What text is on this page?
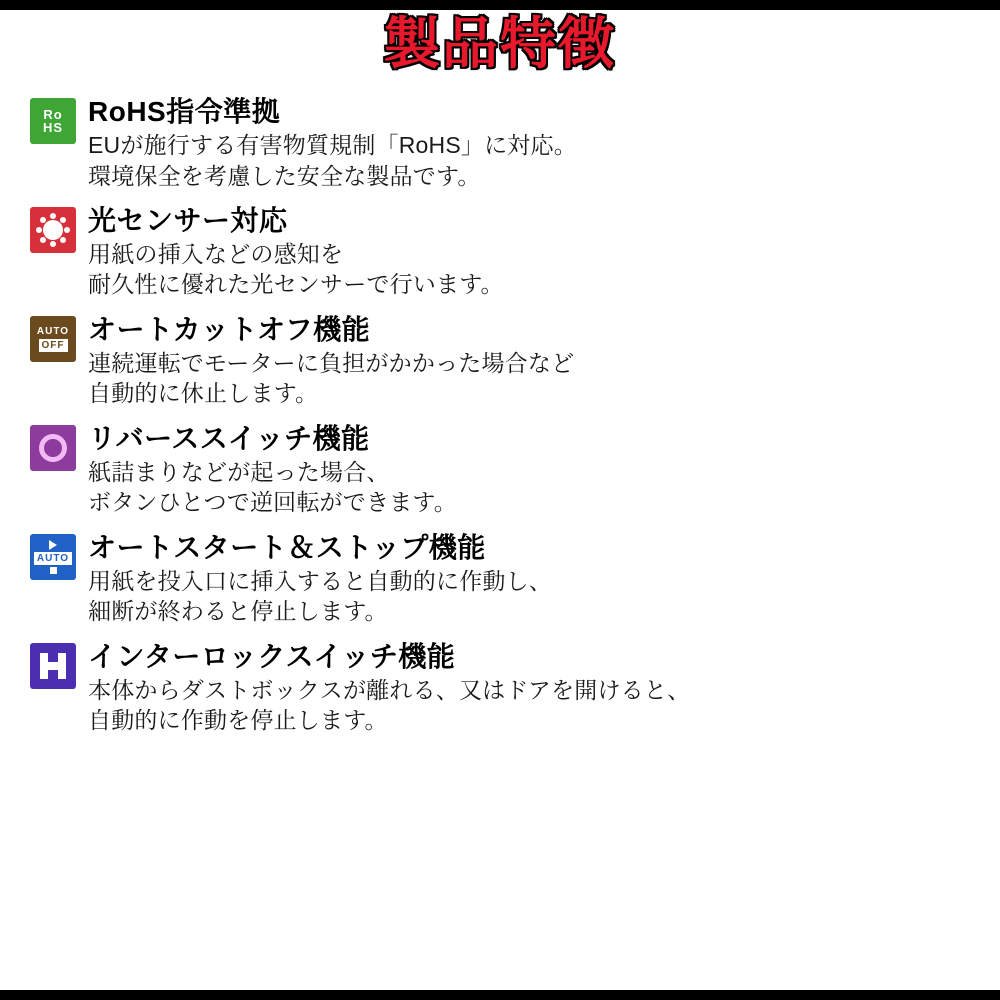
製品特徴
Ro
HS
RoHS指令準拠
EUが施行する有害物質規制「RoHS」に対応。
環境保全を考慮した安全な製品です。
光センサー対応
用紙の挿入などの感知を
耐久性に優れた光センサーで行います。
AUTO
OFF
オートカットオフ機能
連続運転でモーターに負担がかかった場合など
自動的に休止します。
リバーススイッチ機能
紙詰まりなどが起った場合、
ボタンひとつで逆回転ができます。
AUTO オートスタート＆ストップ機能
用紙を投入口に挿入すると自動的に作動し、
細断が終わると停止します。
インターロックスイッチ機能
本体からダストボックスが離れる、又はドアを開けると、
自動的に作動を停止します。
